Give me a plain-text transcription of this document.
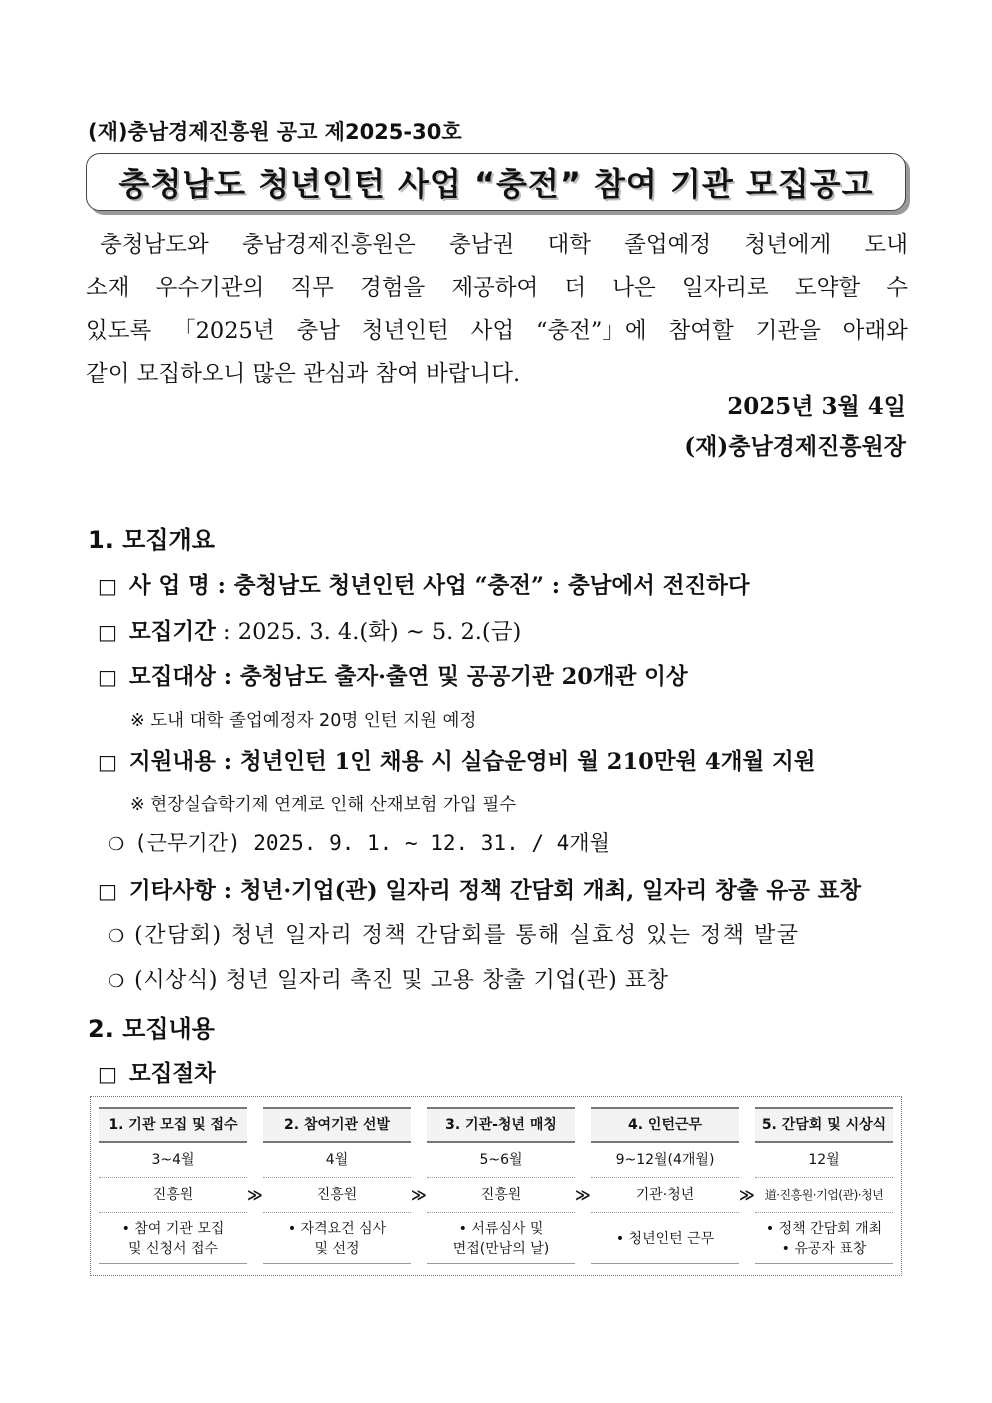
(재)충남경제진흥원 공고 제2025-30호
충청남도 청년인턴 사업 “충전” 참여 기관 모집공고
충청남도와 충남경제진흥원은 충남권 대학 졸업예정 청년에게 도내
소재 우수기관의 직무 경험을 제공하여 더 나은 일자리로 도약할 수
있도록 「2025년 충남 청년인턴 사업 “충전”」에 참여할 기관을 아래와
같이 모집하오니 많은 관심과 참여 바랍니다.
2025년 3월 4일
(재)충남경제진흥원장
1. 모집개요
□ 사 업 명 : 충청남도 청년인턴 사업 “충전” : 충남에서 전진하다
□ 모집기간 : 2025. 3. 4.(화) ~ 5. 2.(금)
□ 모집대상 : 충청남도 출자·출연 및 공공기관 20개관 이상
※ 도내 대학 졸업예정자 20명 인턴 지원 예정
□ 지원내용 : 청년인턴 1인 채용 시 실습운영비 월 210만원 4개월 지원
※ 현장실습학기제 연계로 인해 산재보험 가입 필수
❍ (근무기간) 2025. 9. 1. ~ 12. 31. / 4개월
□ 기타사항 : 청년·기업(관) 일자리 정책 간담회 개최, 일자리 창출 유공 표창
❍ (간담회) 청년 일자리 정책 간담회를 통해 실효성 있는 정책 발굴
❍ (시상식) 청년 일자리 촉진 및 고용 창출 기업(관) 표창
2. 모집내용
□ 모집절차
1. 기관 모집 및 접수
3~4월
진흥원
• 참여 기관 모집
및 신청서 접수
≫
2. 참여기관 선발
4월
진흥원
• 자격요건 심사
및 선정
≫
3. 기관-청년 매칭
5~6월
진흥원
• 서류심사 및
면접(만남의 날)
≫
4. 인턴근무
9~12월(4개월)
기관·청년
• 청년인턴 근무
≫
5. 간담회 및 시상식
12월
道·진흥원·기업(관)·청년
• 정책 간담회 개최
• 유공자 표창
